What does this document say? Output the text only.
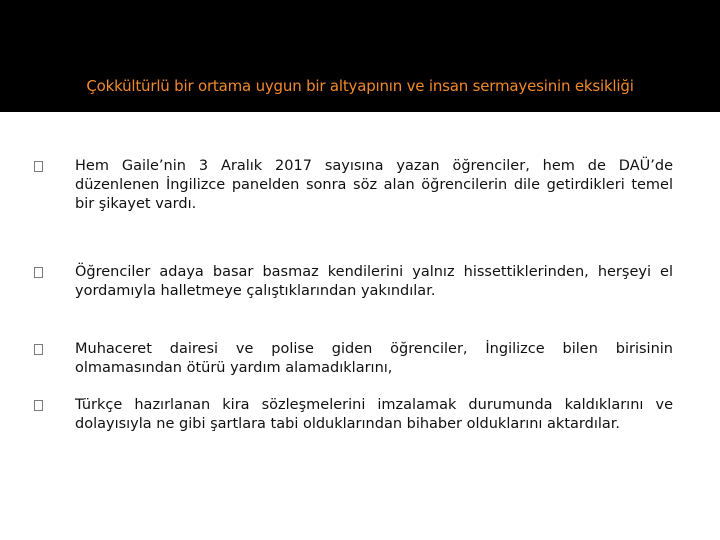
Çokkültürlü bir ortama uygun bir altyapının ve insan sermayesinin eksikliği
Hem Gaile’nin 3 Aralık 2017 sayısına yazan öğrenciler, hem de DAÜ’de düzenlenen İngilizce panelden sonra söz alan öğrencilerin dile getirdikleri temel bir şikayet vardı.
Öğrenciler adaya basar basmaz kendilerini yalnız hissettiklerinden, herşeyi el yordamıyla halletmeye çalıştıklarından yakındılar.
Muhaceret dairesi ve polise giden öğrenciler, İngilizce bilen birisinin olmamasından ötürü yardım alamadıklarını,
Türkçe hazırlanan kira sözleşmelerini imzalamak durumunda kaldıklarını ve dolayısıyla ne gibi şartlara tabi olduklarından bihaber olduklarını aktardılar.
